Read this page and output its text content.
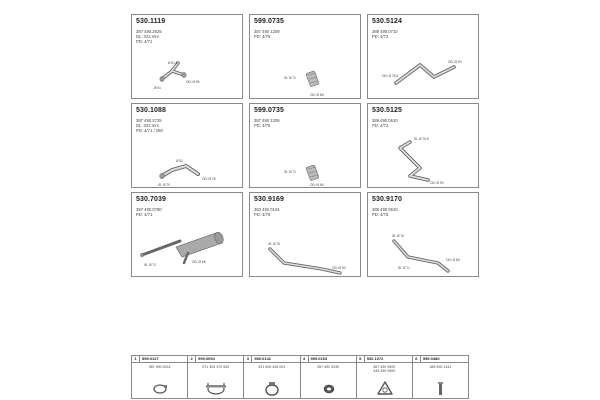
530.1119
387 490.2625
DL: 022 mm
PD: 4/71
Ø 51,5
Ø 51
OD: Ø 56
599.0735
387 490 1209
PD: 4/75
ID: Ø 71
OD: Ø 66
530.5124
389 490.0710
PD: 4/72
OD: Ø 76,5
OD: Ø 90
530.1088
387 490.2725
DL: 022 mm
PD: 4/71 / 290
ID: Ø 70
OD: Ø 78
Ø 51
599.0735
387 490 1209
PD: 4/75
ID: Ø 71
OD: Ø 66
530.5125
389.490.0610
PD: 4/72
ID: Ø 76,5
OD: Ø 90
530.7039
387 490.0790
PD: 4/71
ID: Ø 71
OD: Ø 66
530.9169
353 492 0104
PD: 4/75
ID: Ø 76
OD: Ø 90
530.9170
389 490 0610
PD: 4/75
ID: Ø 76
ID: Ø 71
OD: Ø 66
1	599.0127
387 490 0041
2	599.0054
071 303 370 530
3	569.0141
871 692 430 001
4	599.0163
357 492 0240
5	530.1072
367 490 0900
445 490 0900
6	599.0480
389 492 1441
